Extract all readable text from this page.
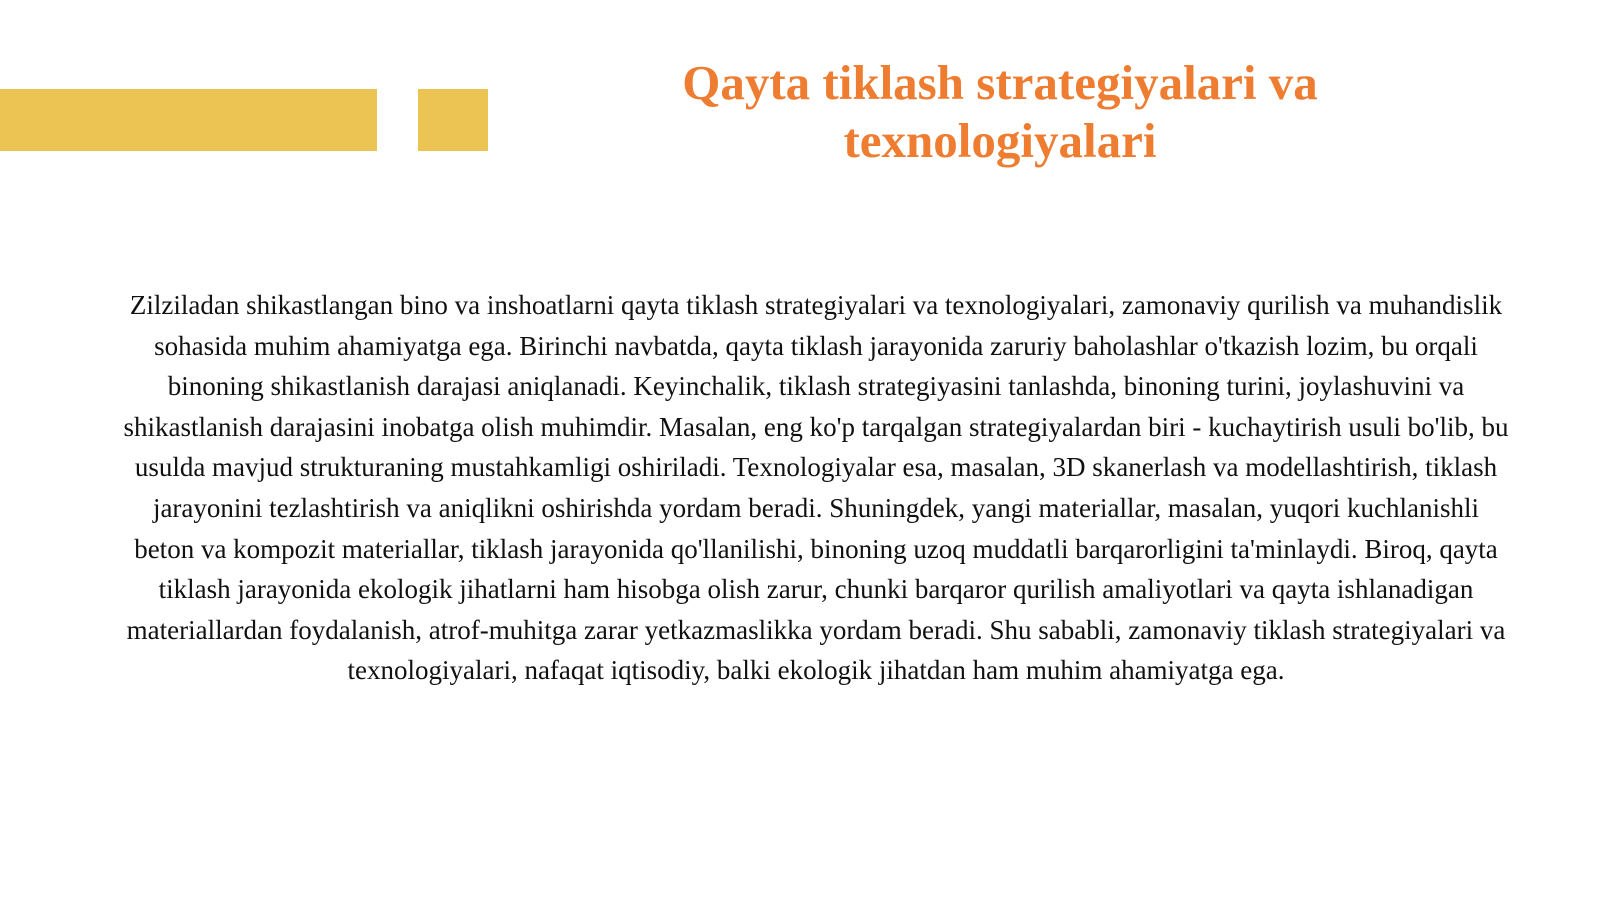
Qayta tiklash strategiyalari va texnologiyalari

Zilziladan shikastlangan bino va inshoatlarni qayta tiklash strategiyalari va texnologiyalari, zamonaviy qurilish va muhandislik sohasida muhim ahamiyatga ega. Birinchi navbatda, qayta tiklash jarayonida zaruriy baholashlar o'tkazish lozim, bu orqali binoning shikastlanish darajasi aniqlanadi. Keyinchalik, tiklash strategiyasini tanlashda, binoning turini, joylashuvini va shikastlanish darajasini inobatga olish muhimdir. Masalan, eng ko'p tarqalgan strategiyalardan biri - kuchaytirish usuli bo'lib, bu usulda mavjud strukturaning mustahkamligi oshiriladi. Texnologiyalar esa, masalan, 3D skanerlash va modellashtirish, tiklash jarayonini tezlashtirish va aniqlikni oshirishda yordam beradi. Shuningdek, yangi materiallar, masalan, yuqori kuchlanishli beton va kompozit materiallar, tiklash jarayonida qo'llanilishi, binoning uzoq muddatli barqarorligini ta'minlaydi. Biroq, qayta tiklash jarayonida ekologik jihatlarni ham hisobga olish zarur, chunki barqaror qurilish amaliyotlari va qayta ishlanadigan materiallardan foydalanish, atrof-muhitga zarar yetkazmaslikka yordam beradi. Shu sababli, zamonaviy tiklash strategiyalari va texnologiyalari, nafaqat iqtisodiy, balki ekologik jihatdan ham muhim ahamiyatga ega.
